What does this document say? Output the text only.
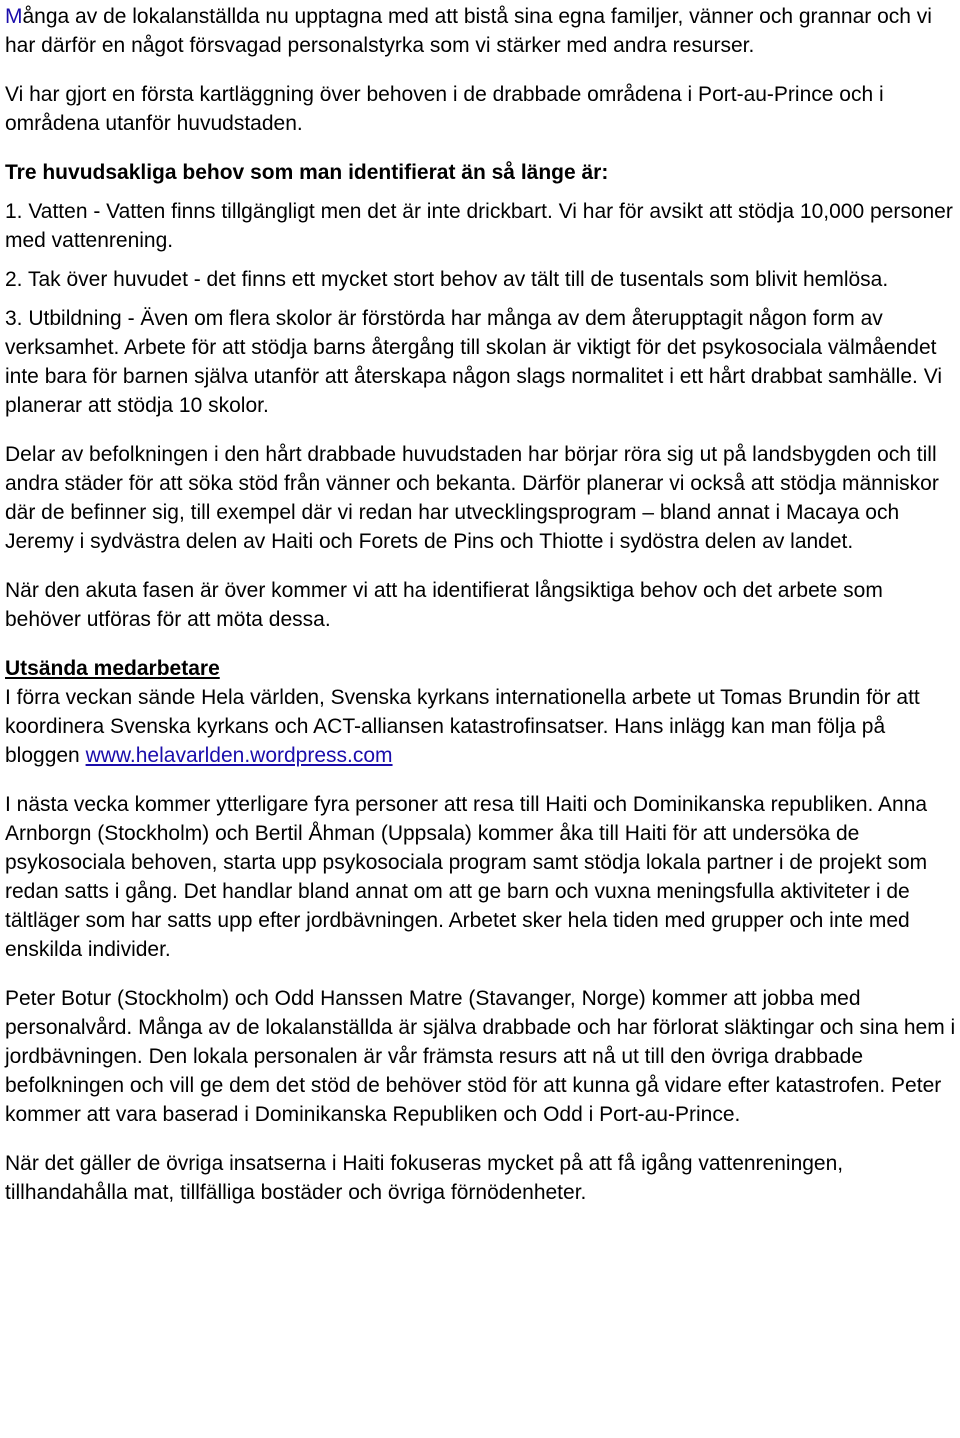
Många av de lokalanställda nu upptagna med att bistå sina egna familjer, vänner och grannar och vi har därför en något försvagad personalstyrka som vi stärker med andra resurser.

Vi har gjort en första kartläggning över behoven i de drabbade områdena i Port-au-Prince och i områdena utanför huvudstaden.

Tre huvudsakliga behov som man identifierat än så länge är:

1. Vatten - Vatten finns tillgängligt men det är inte drickbart. Vi har för avsikt att stödja 10,000 personer med vattenrening.

2. Tak över huvudet - det finns ett mycket stort behov av tält till de tusentals som blivit hemlösa.

3. Utbildning - Även om flera skolor är förstörda har många av dem återupptagit någon form av verksamhet. Arbete för att stödja barns återgång till skolan är viktigt för det psykosociala välmåendet inte bara för barnen själva utanför att återskapa någon slags normalitet i ett hårt drabbat samhälle. Vi planerar att stödja 10 skolor.

Delar av befolkningen i den hårt drabbade huvudstaden har börjar röra sig ut på landsbygden och till andra städer för att söka stöd från vänner och bekanta. Därför planerar vi också att stödja människor där de befinner sig, till exempel där vi redan har utvecklingsprogram – bland annat i Macaya och Jeremy i sydvästra delen av Haiti och Forets de Pins och Thiotte i sydöstra delen av landet.

När den akuta fasen är över kommer vi att ha identifierat långsiktiga behov och det arbete som behöver utföras för att möta dessa.

Utsända medarbetare
I förra veckan sände Hela världen, Svenska kyrkans internationella arbete ut Tomas Brundin för att koordinera Svenska kyrkans och ACT-alliansen katastrofinsatser. Hans inlägg kan man följa på bloggen www.helavarlden.wordpress.com

I nästa vecka kommer ytterligare fyra personer att resa till Haiti och Dominikanska republiken. Anna Arnborgn (Stockholm) och Bertil Åhman (Uppsala) kommer åka till Haiti för att undersöka de psykosociala behoven, starta upp psykosociala program samt stödja lokala partner i de projekt som redan satts i gång. Det handlar bland annat om att ge barn och vuxna meningsfulla aktiviteter i de tältläger som har satts upp efter jordbävningen. Arbetet sker hela tiden med grupper och inte med enskilda individer.

Peter Botur (Stockholm) och Odd Hanssen Matre (Stavanger, Norge) kommer att jobba med personalvård. Många av de lokalanställda är själva drabbade och har förlorat släktingar och sina hem i jordbävningen. Den lokala personalen är vår främsta resurs att nå ut till den övriga drabbade befolkningen och vill ge dem det stöd de behöver stöd för att kunna gå vidare efter katastrofen. Peter kommer att vara baserad i Dominikanska Republiken och Odd i Port-au-Prince.

När det gäller de övriga insatserna i Haiti fokuseras mycket på att få igång vattenreningen, tillhandahålla mat, tillfälliga bostäder och övriga förnödenheter.
